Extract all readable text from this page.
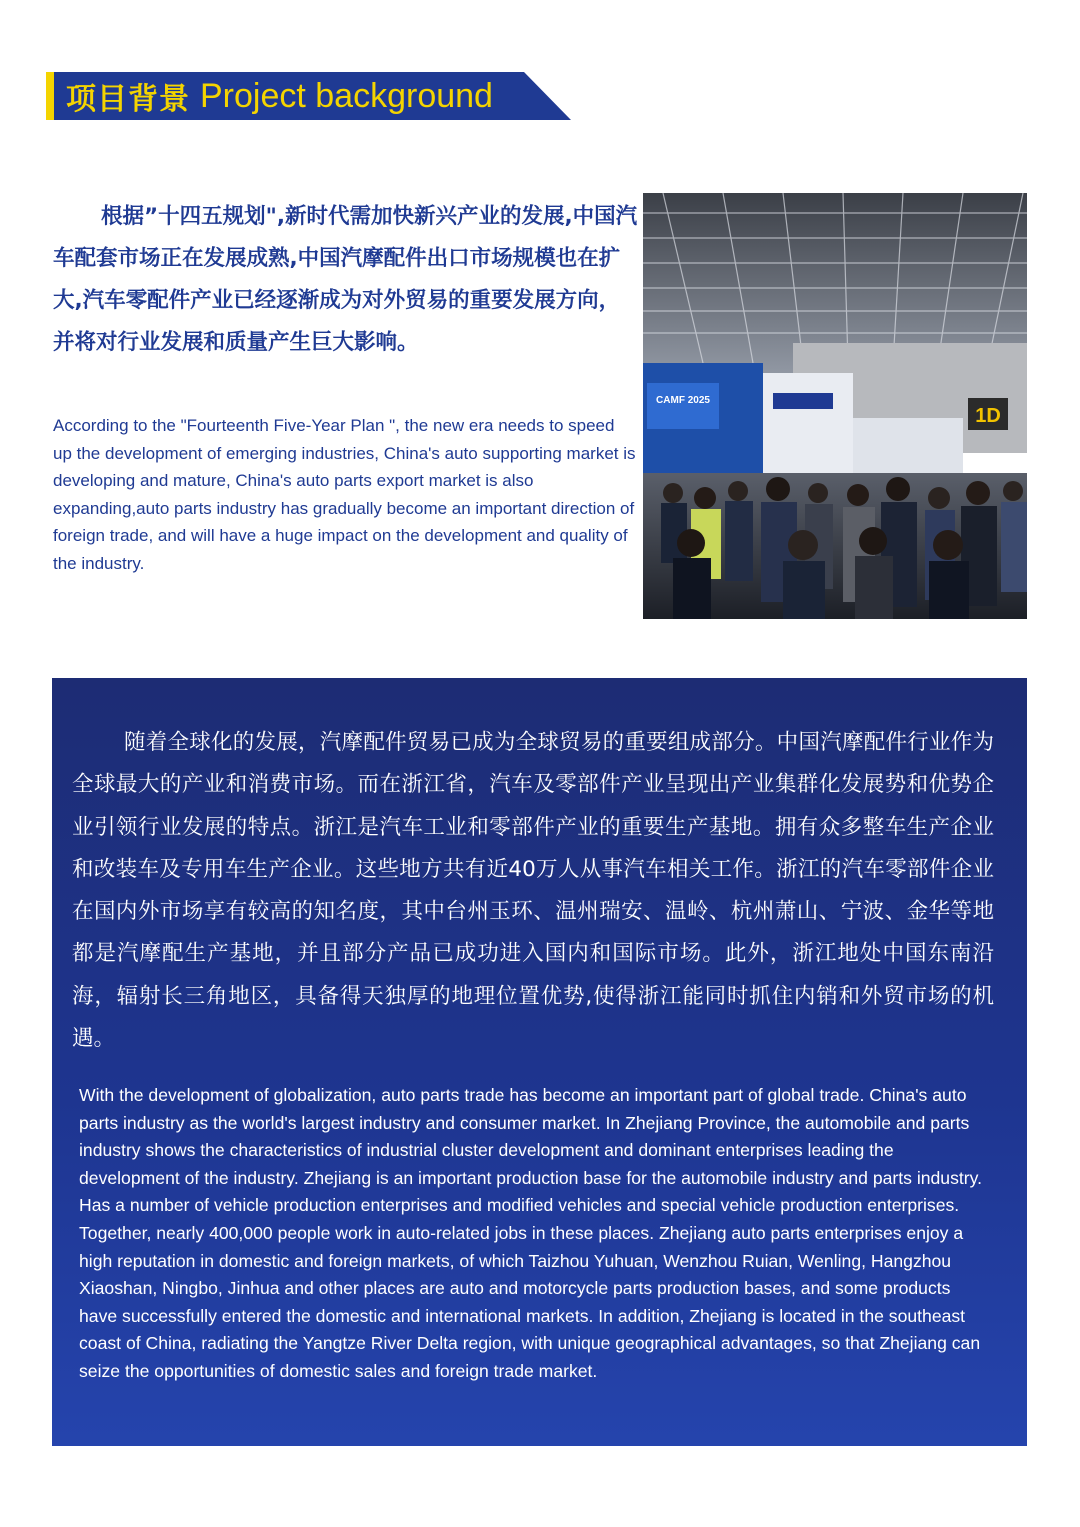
项目背景 Project background

根据”十四五规划",新时代需加快新兴产业的发展,中国汽车配套市场正在发展成熟,中国汽摩配件出口市场规模也在扩大,汽车零配件产业已经逐渐成为对外贸易的重要发展方向，并将对行业发展和质量产生巨大影响。

According to the "Fourteenth Five-Year Plan ", the new era needs to speed up the development of emerging industries, China's auto supporting market is developing and mature, China's auto parts export market is also expanding,auto parts industry has gradually become an important direction of foreign trade, and will have a huge impact on the development and quality of the industry.

1D
CAMF 2025

随着全球化的发展，汽摩配件贸易已成为全球贸易的重要组成部分。中国汽摩配件行业作为全球最大的产业和消费市场。而在浙江省，汽车及零部件产业呈现出产业集群化发展势和优势企业引领行业发展的特点。浙江是汽车工业和零部件产业的重要生产基地。拥有众多整车生产企业和改装车及专用车生产企业。这些地方共有近40万人从事汽车相关工作。浙江的汽车零部件企业在国内外市场享有较高的知名度，其中台州玉环、温州瑞安、温岭、杭州萧山、宁波、金华等地都是汽摩配生产基地，并且部分产品已成功进入国内和国际市场。此外，浙江地处中国东南沿海，辐射长三角地区，具备得天独厚的地理位置优势,使得浙江能同时抓住内销和外贸市场的机遇。

With the development of globalization, auto parts trade has become an important part of global trade. China's auto parts industry as the world's largest industry and consumer market. In Zhejiang Province, the automobile and parts industry shows the characteristics of industrial cluster development and dominant enterprises leading the development of the industry. Zhejiang is an important production base for the automobile industry and parts industry. Has a number of vehicle production enterprises and modified vehicles and special vehicle production enterprises. Together, nearly 400,000 people work in auto-related jobs in these places. Zhejiang auto parts enterprises enjoy a high reputation in domestic and foreign markets, of which Taizhou Yuhuan, Wenzhou Ruian, Wenling, Hangzhou Xiaoshan, Ningbo, Jinhua and other places are auto and motorcycle parts production bases, and some products have successfully entered the domestic and international markets. In addition, Zhejiang is located in the southeast coast of China, radiating the Yangtze River Delta region, with unique geographical advantages, so that Zhejiang can seize the opportunities of domestic sales and foreign trade market.
